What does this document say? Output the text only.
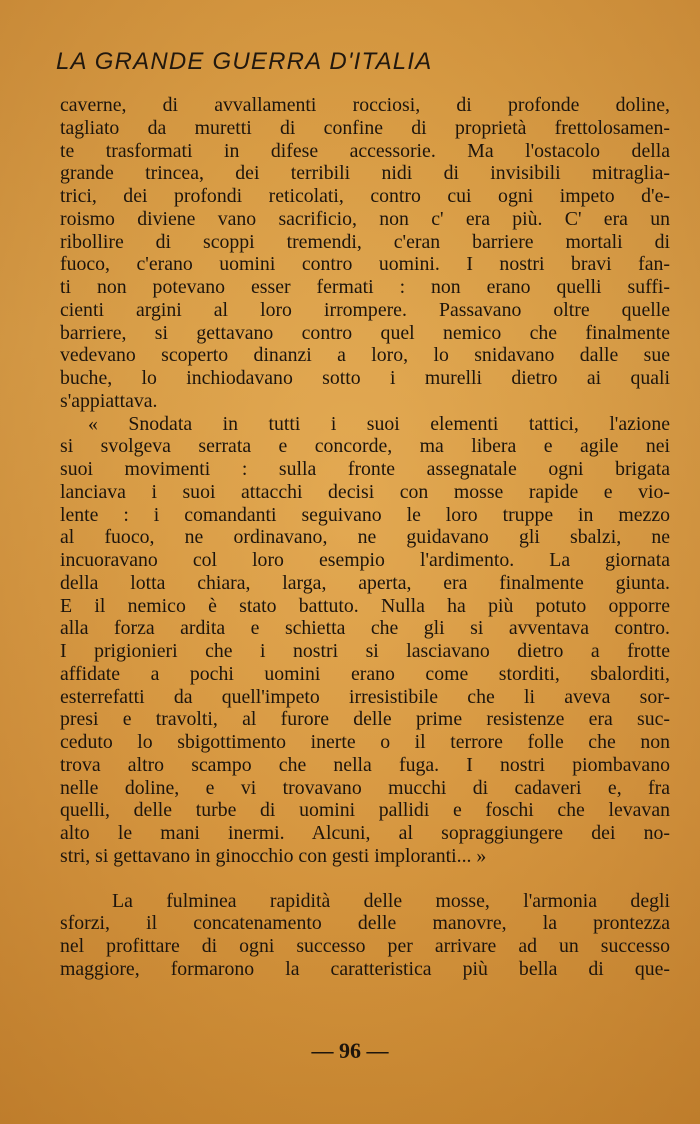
LA GRANDE GUERRA D'ITALIA
caverne, di avvallamenti rocciosi, di profonde doline,
tagliato da muretti di confine di proprietà frettolosamen-
te trasformati in difese accessorie. Ma l'ostacolo della
grande trincea, dei terribili nidi di invisibili mitraglia-
trici, dei profondi reticolati, contro cui ogni impeto d'e-
roismo diviene vano sacrificio, non c' era più. C' era un
ribollire di scoppi tremendi, c'eran barriere mortali di
fuoco, c'erano uomini contro uomini. I nostri bravi fan-
ti non potevano esser fermati : non erano quelli suffi-
cienti argini al loro irrompere. Passavano oltre quelle
barriere, si gettavano contro quel nemico che finalmente
vedevano scoperto dinanzi a loro, lo snidavano dalle sue
buche, lo inchiodavano sotto i murelli dietro ai quali
s'appiattava.
« Snodata in tutti i suoi elementi tattici, l'azione
si svolgeva serrata e concorde, ma libera e agile nei
suoi movimenti : sulla fronte assegnatale ogni brigata
lanciava i suoi attacchi decisi con mosse rapide e vio-
lente : i comandanti seguivano le loro truppe in mezzo
al fuoco, ne ordinavano, ne guidavano gli sbalzi, ne
incuoravano col loro esempio l'ardimento. La giornata
della lotta chiara, larga, aperta, era finalmente giunta.
E il nemico è stato battuto. Nulla ha più potuto opporre
alla forza ardita e schietta che gli si avventava contro.
I prigionieri che i nostri si lasciavano dietro a frotte
affidate a pochi uomini erano come storditi, sbalorditi,
esterrefatti da quell'impeto irresistibile che li aveva sor-
presi e travolti, al furore delle prime resistenze era suc-
ceduto lo sbigottimento inerte o il terrore folle che non
trova altro scampo che nella fuga. I nostri piombavano
nelle doline, e vi trovavano mucchi di cadaveri e, fra
quelli, delle turbe di uomini pallidi e foschi che levavan
alto le mani inermi. Alcuni, al sopraggiungere dei no-
stri, si gettavano in ginocchio con gesti imploranti... »
La fulminea rapidità delle mosse, l'armonia degli
sforzi, il concatenamento delle manovre, la prontezza
nel profittare di ogni successo per arrivare ad un successo
maggiore, formarono la caratteristica più bella di que-
— 96 —
